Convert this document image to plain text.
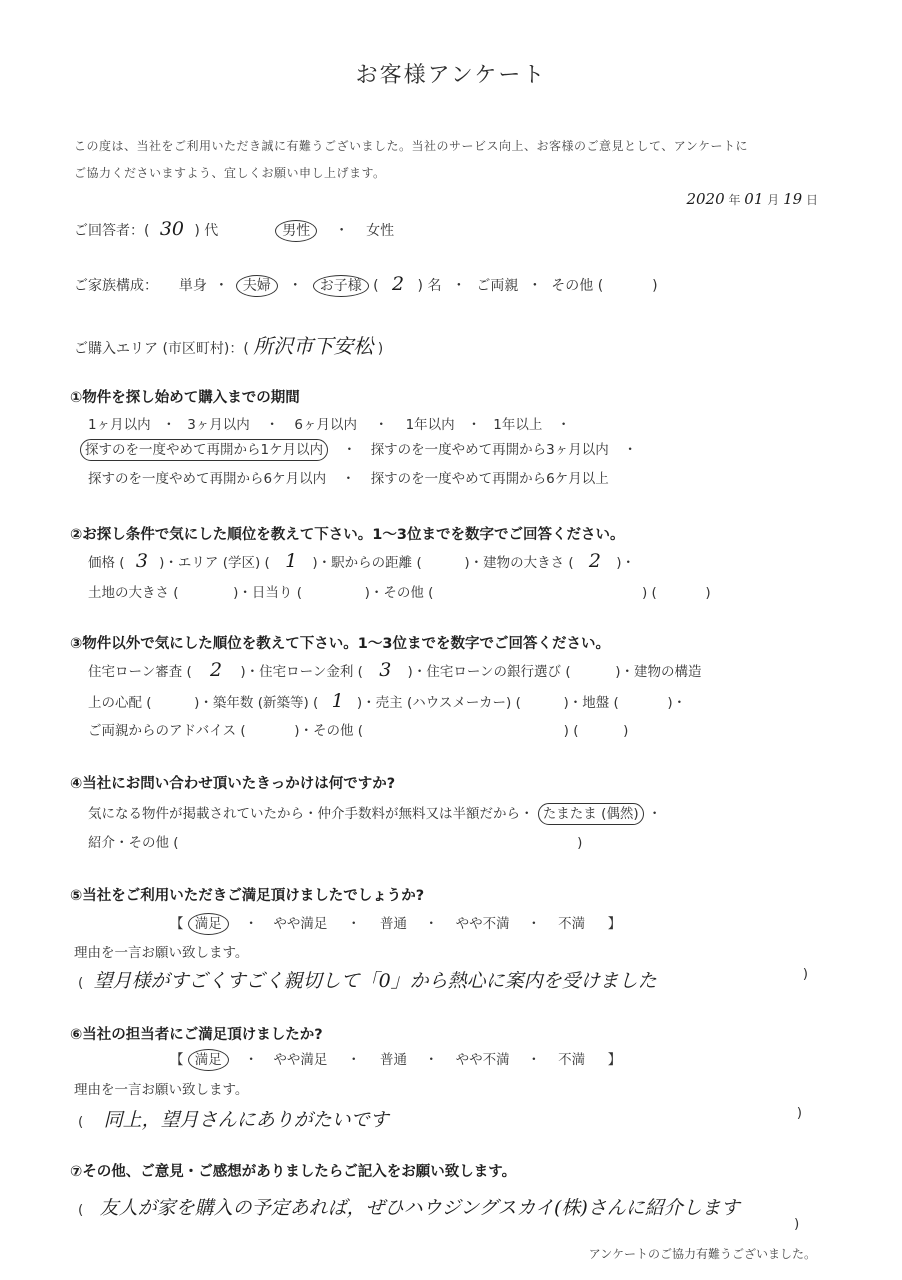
お客様アンケート
この度は、当社をご利用いただき誠に有難うございました。当社のサービス向上、お客様のご意見として、アンケートに
ご協力くださいますよう、宜しくお願い申し上げます。
2020 年 01 月 19 日
ご回答者：( 30 ) 代	男性 ・ 女性
ご家族構成： 単身 ・ 夫婦 ・ お子様 ( 2 ) 名 ・ ご両親 ・ その他 (	)
ご購入エリア (市区町村)：( 所沢市下安松 )
①物件を探し始めて購入までの期間
1ヶ月以内 ・ 3ヶ月以内 ・ 6ヶ月以内 ・ 1年以内 ・ 1年以上 ・
探すのを一度やめて再開から1ケ月以内 ・ 探すのを一度やめて再開から3ヶ月以内 ・
探すのを一度やめて再開から6ケ月以内 ・ 探すのを一度やめて再開から6ケ月以上
②お探し条件で気にした順位を教えて下さい。1～3位までを数字でご回答ください。
価格 ( 3 )・エリア (学区) ( 1 )・駅からの距離 (	)・建物の大きさ ( 2 )・
土地の大きさ (	)・日当り (	)・その他 (	) (	)
③物件以外で気にした順位を教えて下さい。1～3位までを数字でご回答ください。
住宅ローン審査 ( 2 )・住宅ローン金利 ( 3 )・住宅ローンの銀行選び (	)・建物の構造
上の心配 (	)・築年数 (新築等) ( 1 )・売主 (ハウスメーカー) (	)・地盤 (	)・
ご両親からのアドバイス (	)・その他 (	) (	)
④当社にお問い合わせ頂いたきっかけは何ですか?
気になる物件が掲載されていたから・仲介手数料が無料又は半額だから・ たまたま (偶然) ・
紹介・その他 (	)
⑤当社をご利用いただきご満足頂けましたでしょうか?
【 満足 ・ やや満足 ・ 普通 ・ やや不満 ・ 不満 】
理由を一言お願い致します。
( 望月様がすごくすごく親切して「0」から熱心に案内を受けました	)
⑥当社の担当者にご満足頂けましたか?
【 満足 ・ やや満足 ・ 普通 ・ やや不満 ・ 不満 】
理由を一言お願い致します。
( 同上，望月さんにありがたいです	)
⑦その他、ご意見・ご感想がありましたらご記入をお願い致します。
( 友人が家を購入の予定あれば，ぜひハウジングスカイ(株)さんに紹介します
)
アンケートのご協力有難うございました。
